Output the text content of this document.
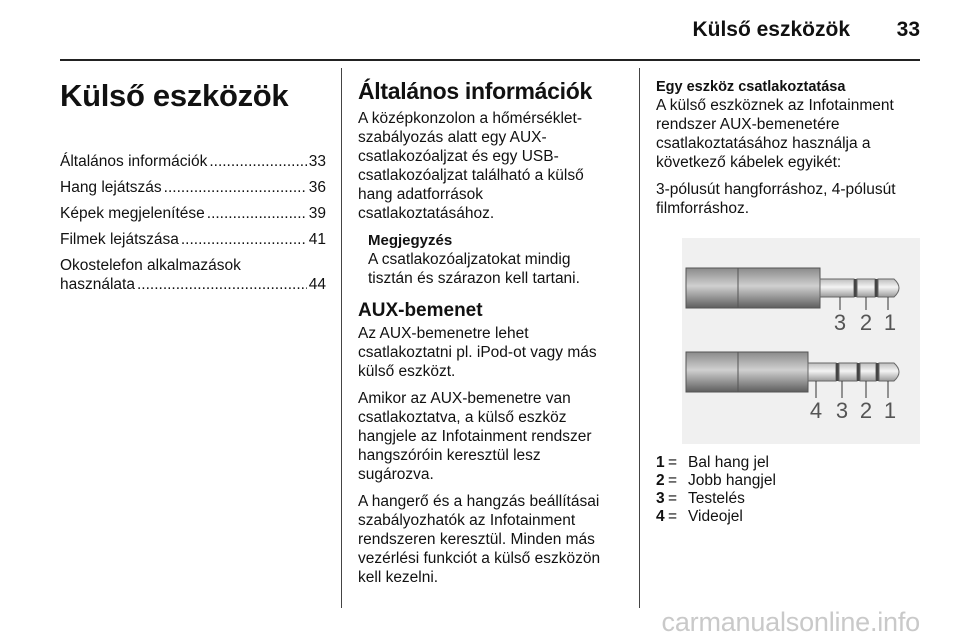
Külső eszközök 33
Külső eszközök
Általános információk .....	33
Hang lejátszás .....	36
Képek megjelenítése .....	39
Filmek lejátszása .....	41
Okostelefon alkalmazások
használata .....	44
Általános információk

A középkonzolon a hőmérséklet-szabályozás alatt egy AUX-csatlakozóaljzat és egy USB-csatlakozóaljzat található a külső hang adatforrások csatlakoztatásához.

Megjegyzés
A csatlakozóaljzatokat mindig tisztán és szárazon kell tartani.
AUX-bemenet

Az AUX-bemenetre lehet csatlakoztatni pl. iPod-ot vagy más külső eszközt.

Amikor az AUX-bemenetre van csatlakoztatva, a külső eszköz hangjele az Infotainment rendszer hangszóróin keresztül lesz sugározva.

A hangerő és a hangzás beállításai szabályozhatók az Infotainment rendszeren keresztül. Minden más vezérlési funkciót a külső eszközön kell kezelni.

Egy eszköz csatlakoztatása

A külső eszköznek az Infotainment rendszer AUX-bemenetére csatlakoztatásához használja a következő kábelek egyikét:

3-pólusút hangforráshoz, 4-pólusút filmforráshoz.

3 2 1
4 3 2 1
1 = Bal hang jel
2 = Jobb hangjel
3 = Testelés
4 = Videojel
carmanualsonline.info
